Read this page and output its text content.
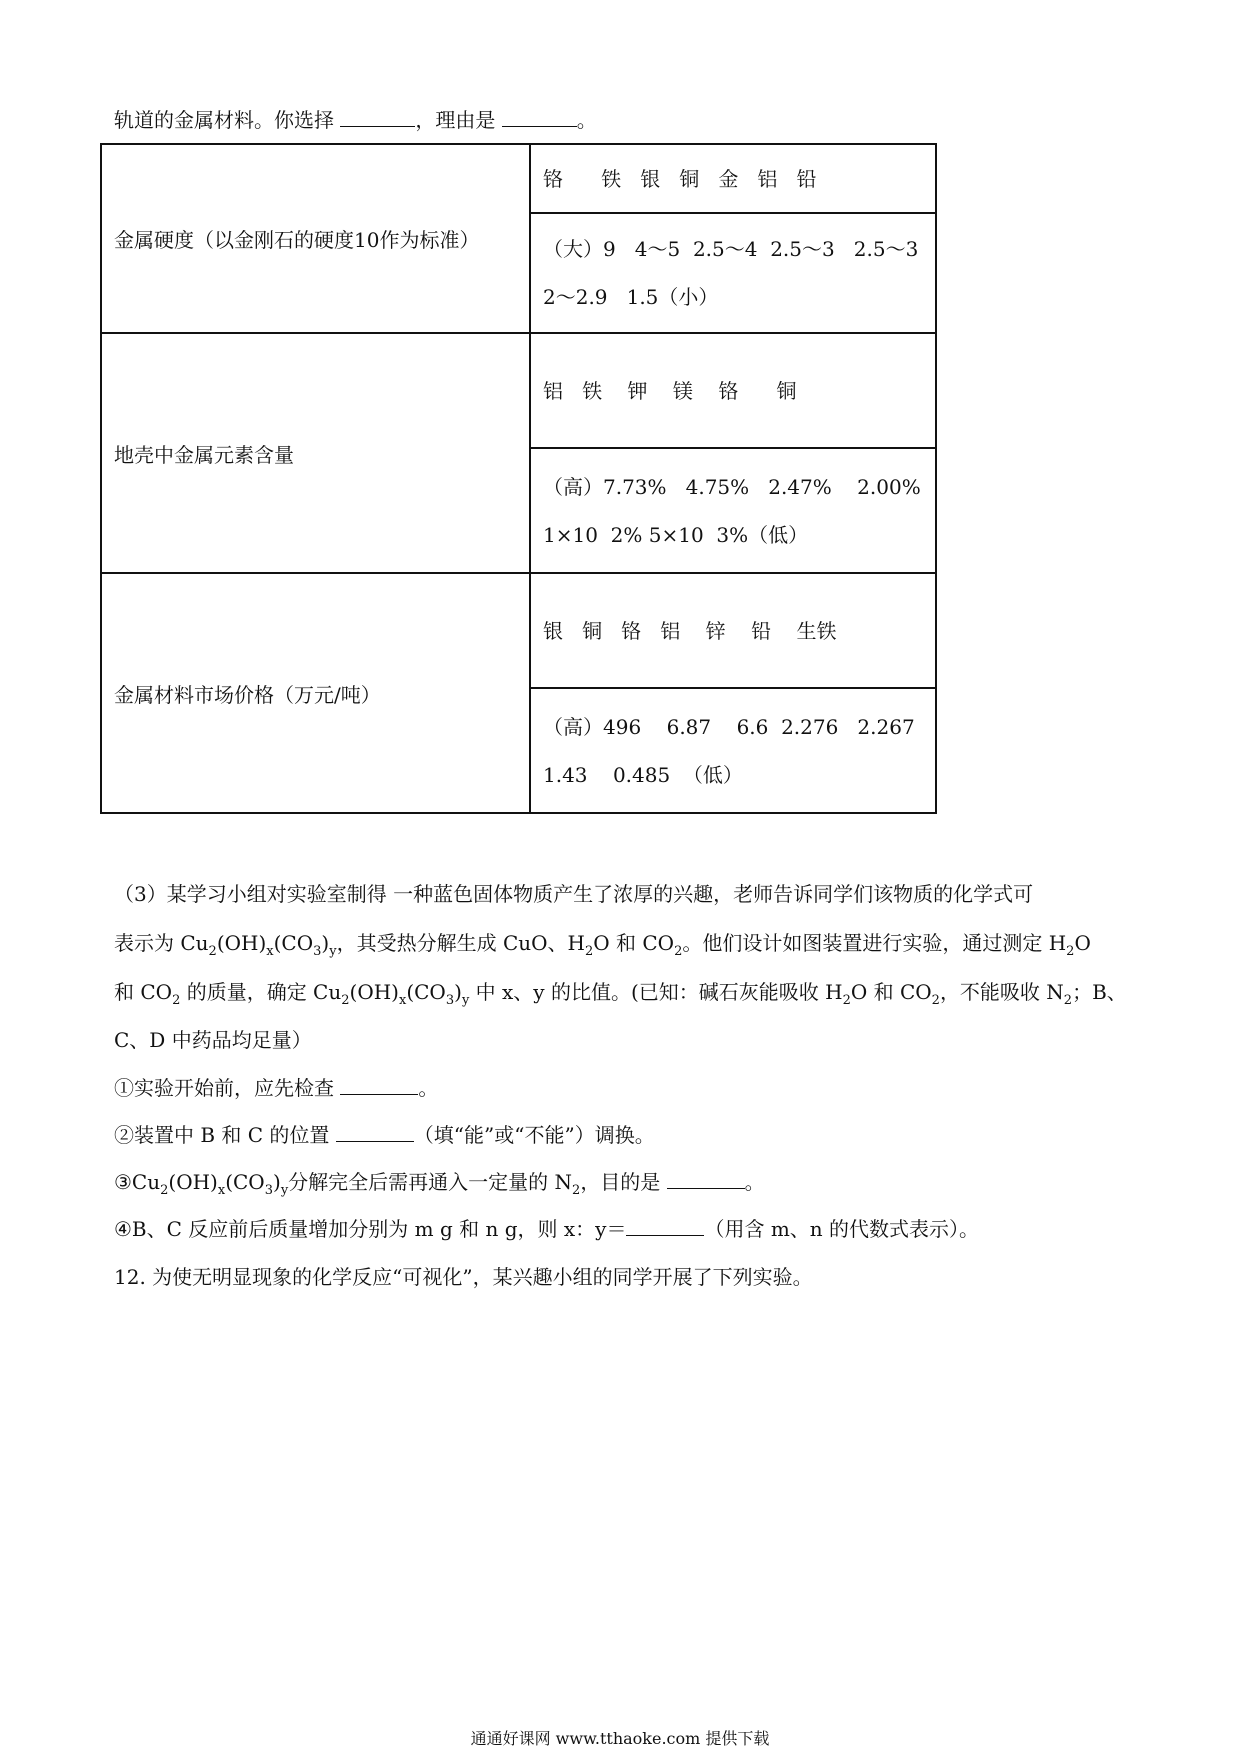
轨道的金属材料。你选择	，理由是	。
金属硬度（以金刚石的硬度10作为标准）	铬      铁   银   铜   金   铝   铅
	（大）9   4～5  2.5～4  2.5～3   2.5～3  2～2.9   1.5（小）
地壳中金属元素含量	铝   铁    钾    镁    铬      铜
	（高）7.73%   4.75%   2.47%    2.00%  1×10  2% 5×10  3%（低）
金属材料市场价格（万元/吨）	银   铜   铬   铝    锌    铅    生铁
	（高）496    6.87    6.6  2.276   2.267  1.43    0.485  （低）
（3）某学习小组对实验室制得 一种蓝色固体物质产生了浓厚的兴趣，老师告诉同学们该物质的化学式可
表示为 $Cu_2(OH)_x(CO_3)_y$，其受热分解生成 CuO、$H_2O$ 和 $CO_2$。他们设计如图装置进行实验，通过测定 $H_2O$
和 $CO_2$ 的质量，确定 $Cu_2(OH)_x(CO_3)_y$ 中 x、y 的比值。(已知：碱石灰能吸收 $H_2O$ 和 $CO_2$，不能吸收 $N_2$；B、
C、D 中药品均足量）
①实验开始前，应先检查	。
②装置中 B 和 C 的位置	（填“能”或“不能”）调换。
$③Cu_2(OH)_x(CO_3)_y$分解完全后需再通入一定量的 $N_2$，目的是	。
④B、C 反应前后质量增加分别为 m g 和 n g，则 x：y＝	（用含 m、n 的代数式表示）。
12. 为使无明显现象的化学反应“可视化”，某兴趣小组的同学开展了下列实验。
通通好课网 www.tthaoke.com 提供下载
